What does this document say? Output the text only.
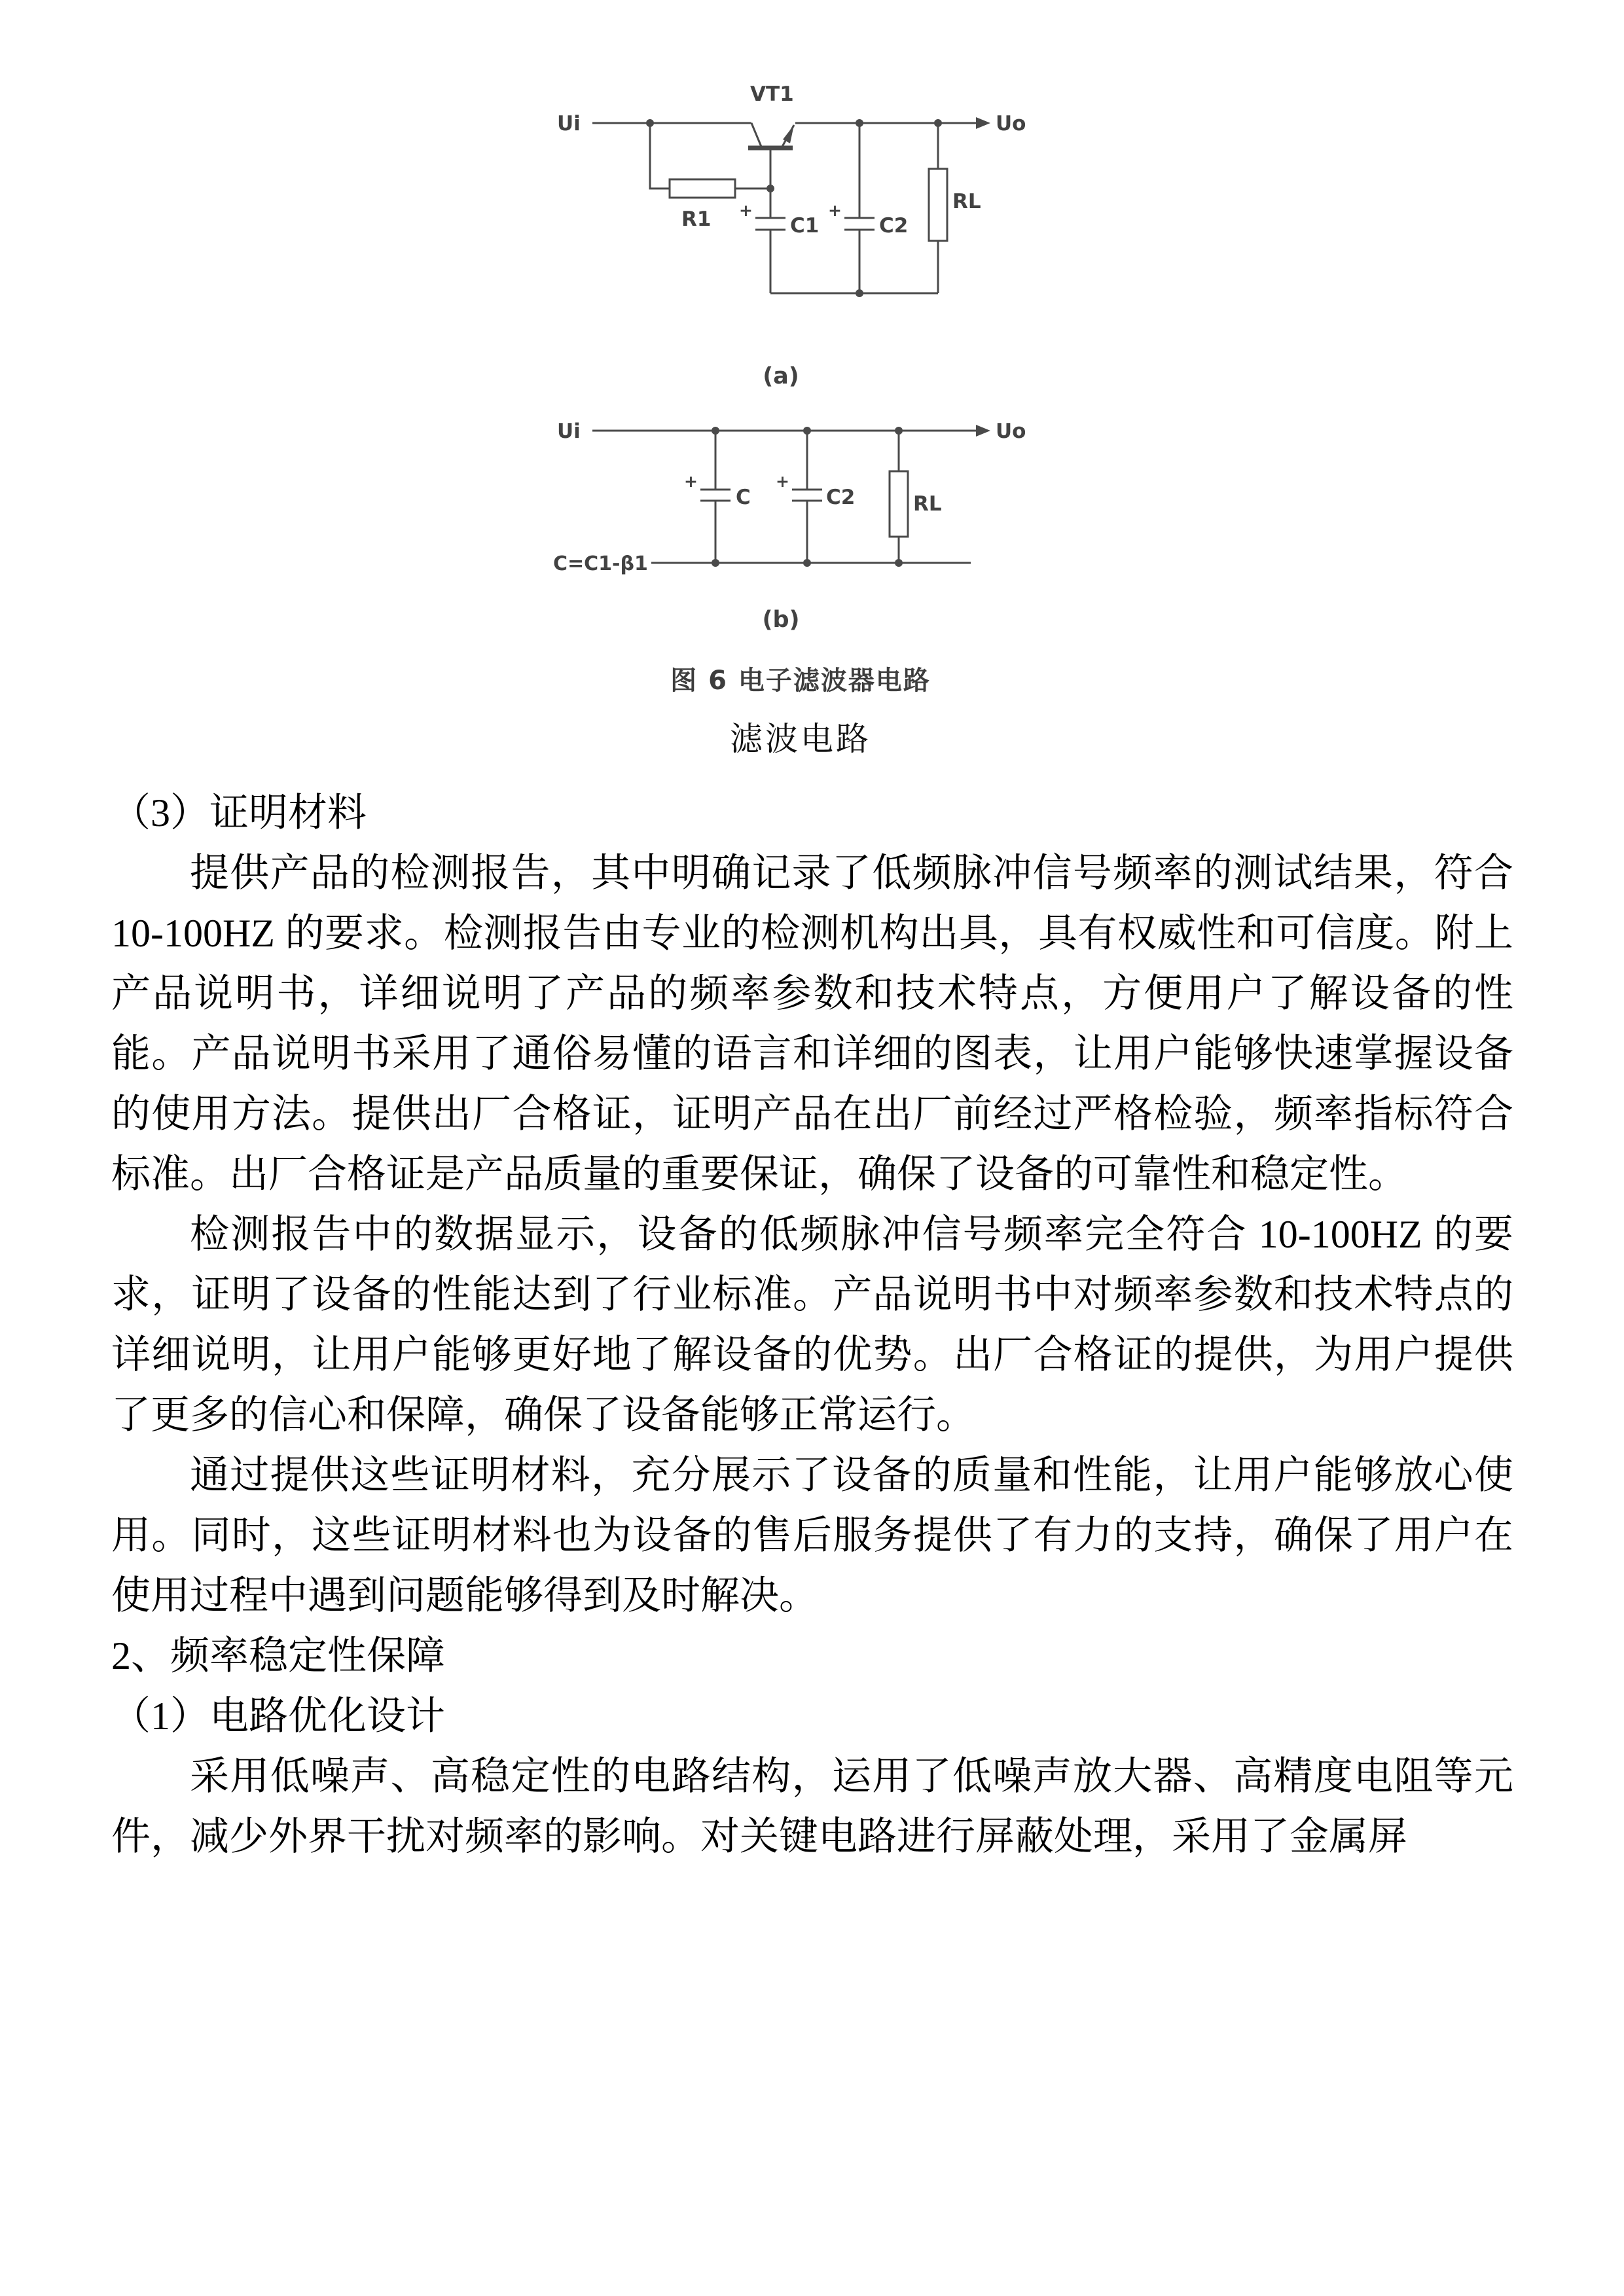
Ui
VT1
Uo
R1	C1	C2
RL
+	+
(a)
Ui	Uo
C	C2	RL
+	+
C=C1-β1
(b)
图 6 电子滤波器电路
滤波电路

（3）证明材料

提供产品的检测报告，其中明确记录了低频脉冲信号频率的测试结果，符合 10-100HZ 的要求。检测报告由专业的检测机构出具，具有权威性和可信度。附上产品说明书，详细说明了产品的频率参数和技术特点，方便用户了解设备的性能。产品说明书采用了通俗易懂的语言和详细的图表，让用户能够快速掌握设备的使用方法。提供出厂合格证，证明产品在出厂前经过严格检验，频率指标符合标准。出厂合格证是产品质量的重要保证，确保了设备的可靠性和稳定性。

检测报告中的数据显示，设备的低频脉冲信号频率完全符合 10-100HZ 的要求，证明了设备的性能达到了行业标准。产品说明书中对频率参数和技术特点的详细说明，让用户能够更好地了解设备的优势。出厂合格证的提供，为用户提供了更多的信心和保障，确保了设备能够正常运行。

通过提供这些证明材料，充分展示了设备的质量和性能，让用户能够放心使用。同时，这些证明材料也为设备的售后服务提供了有力的支持，确保了用户在使用过程中遇到问题能够得到及时解决。

2、频率稳定性保障

（1）电路优化设计

采用低噪声、高稳定性的电路结构，运用了低噪声放大器、高精度电阻等元件，减少外界干扰对频率的影响。对关键电路进行屏蔽处理，采用了金属屏
